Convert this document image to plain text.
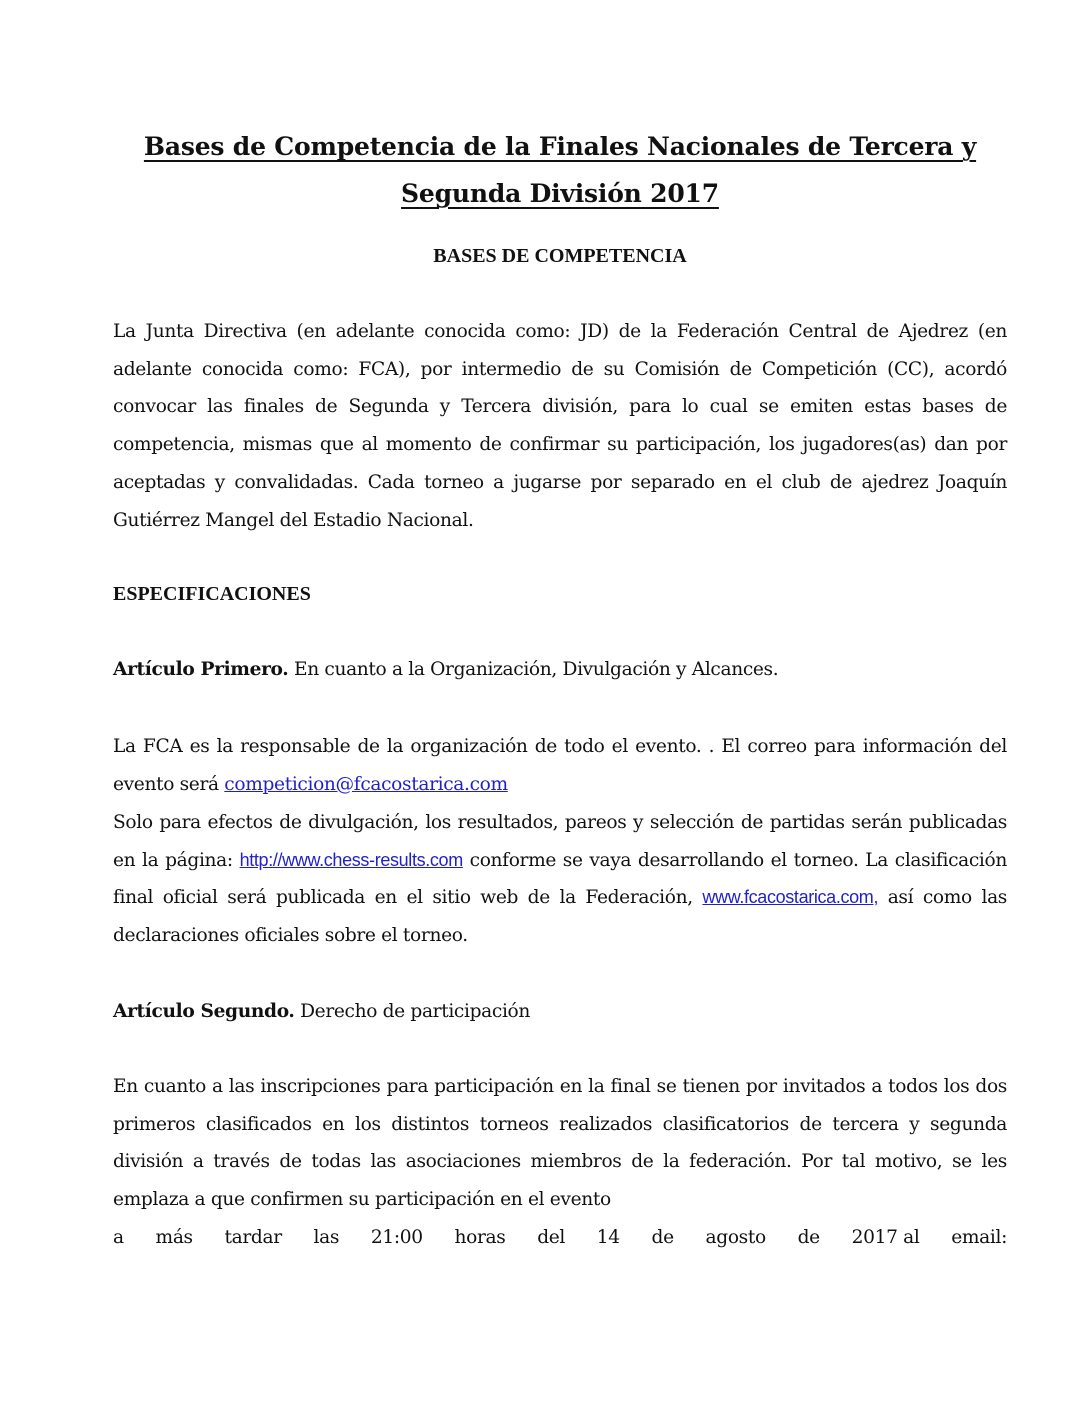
Bases de Competencia de la Finales Nacionales de Tercera y Segunda División 2017
BASES DE COMPETENCIA
La Junta Directiva (en adelante conocida como: JD) de la Federación Central de Ajedrez (en adelante conocida como: FCA), por intermedio de su Comisión de Competición (CC), acordó convocar las finales de Segunda y Tercera división, para lo cual se emiten estas bases de competencia, mismas que al momento de confirmar su participación, los jugadores(as) dan por aceptadas y convalidadas. Cada torneo a jugarse por separado en el club de ajedrez Joaquín Gutiérrez Mangel del Estadio Nacional.
ESPECIFICACIONES
Artículo Primero. En cuanto a la Organización, Divulgación y Alcances.
La FCA es la responsable de la organización de todo el evento. . El correo para información del evento será competicion@fcacostarica.com
Solo para efectos de divulgación, los resultados, pareos y selección de partidas serán publicadas en la página: http://www.chess-results.com conforme se vaya desarrollando el torneo. La clasificación final oficial será publicada en el sitio web de la Federación, www.fcacostarica.com, así como las declaraciones oficiales sobre el torneo.
Artículo Segundo. Derecho de participación
En cuanto a las inscripciones para participación en la final se tienen por invitados a todos los dos primeros clasificados en los distintos torneos realizados clasificatorios de tercera y segunda división a través de todas las asociaciones miembros de la federación. Por tal motivo, se les emplaza a que confirmen su participación en el evento
a más tardar las 21:00 horas del 14 de agosto de 2017 al email:
